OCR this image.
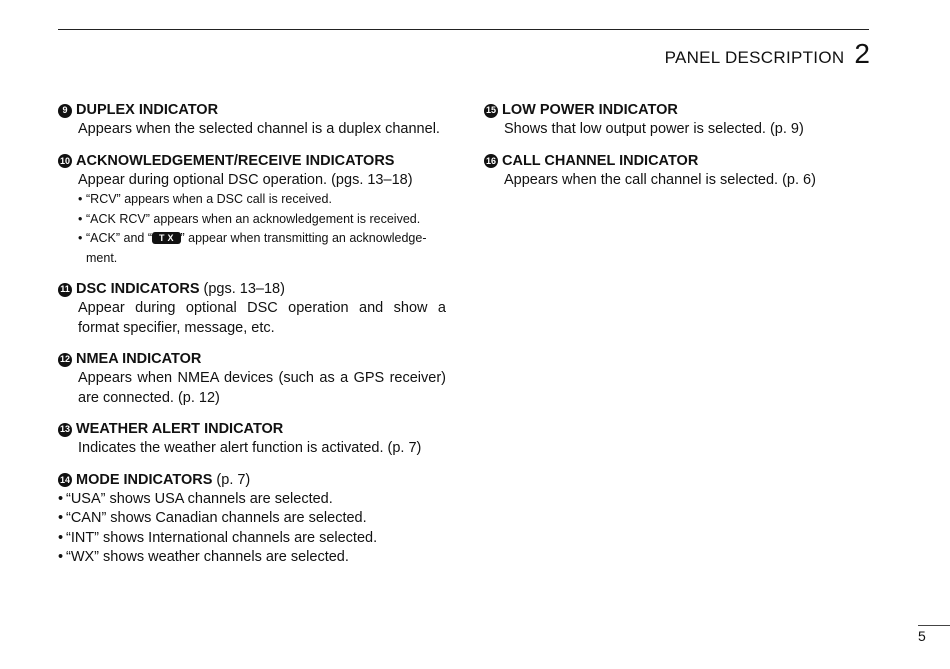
PANEL DESCRIPTION 2
9 DUPLEX INDICATOR
Appears when the selected channel is a duplex channel.
10 ACKNOWLEDGEMENT/RECEIVE INDICATORS
Appear during optional DSC operation. (pgs. 13–18)
• “RCV” appears when a DSC call is received.
• “ACK RCV” appears when an acknowledgement is received.
• “ACK” and “ TX ” appear when transmitting an acknowledge-ment.
11 DSC INDICATORS (pgs. 13–18)
Appear during optional DSC operation and show a format specifier, message, etc.
12 NMEA INDICATOR
Appears when NMEA devices (such as a GPS receiver) are connected. (p. 12)
13 WEATHER ALERT INDICATOR
Indicates the weather alert function is activated. (p. 7)
14 MODE INDICATORS (p. 7)
• “USA” shows USA channels are selected.
• “CAN” shows Canadian channels are selected.
• “INT” shows International channels are selected.
• “WX” shows weather channels are selected.
15 LOW POWER INDICATOR
Shows that low output power is selected. (p. 9)
16 CALL CHANNEL INDICATOR
Appears when the call channel is selected. (p. 6)
5
